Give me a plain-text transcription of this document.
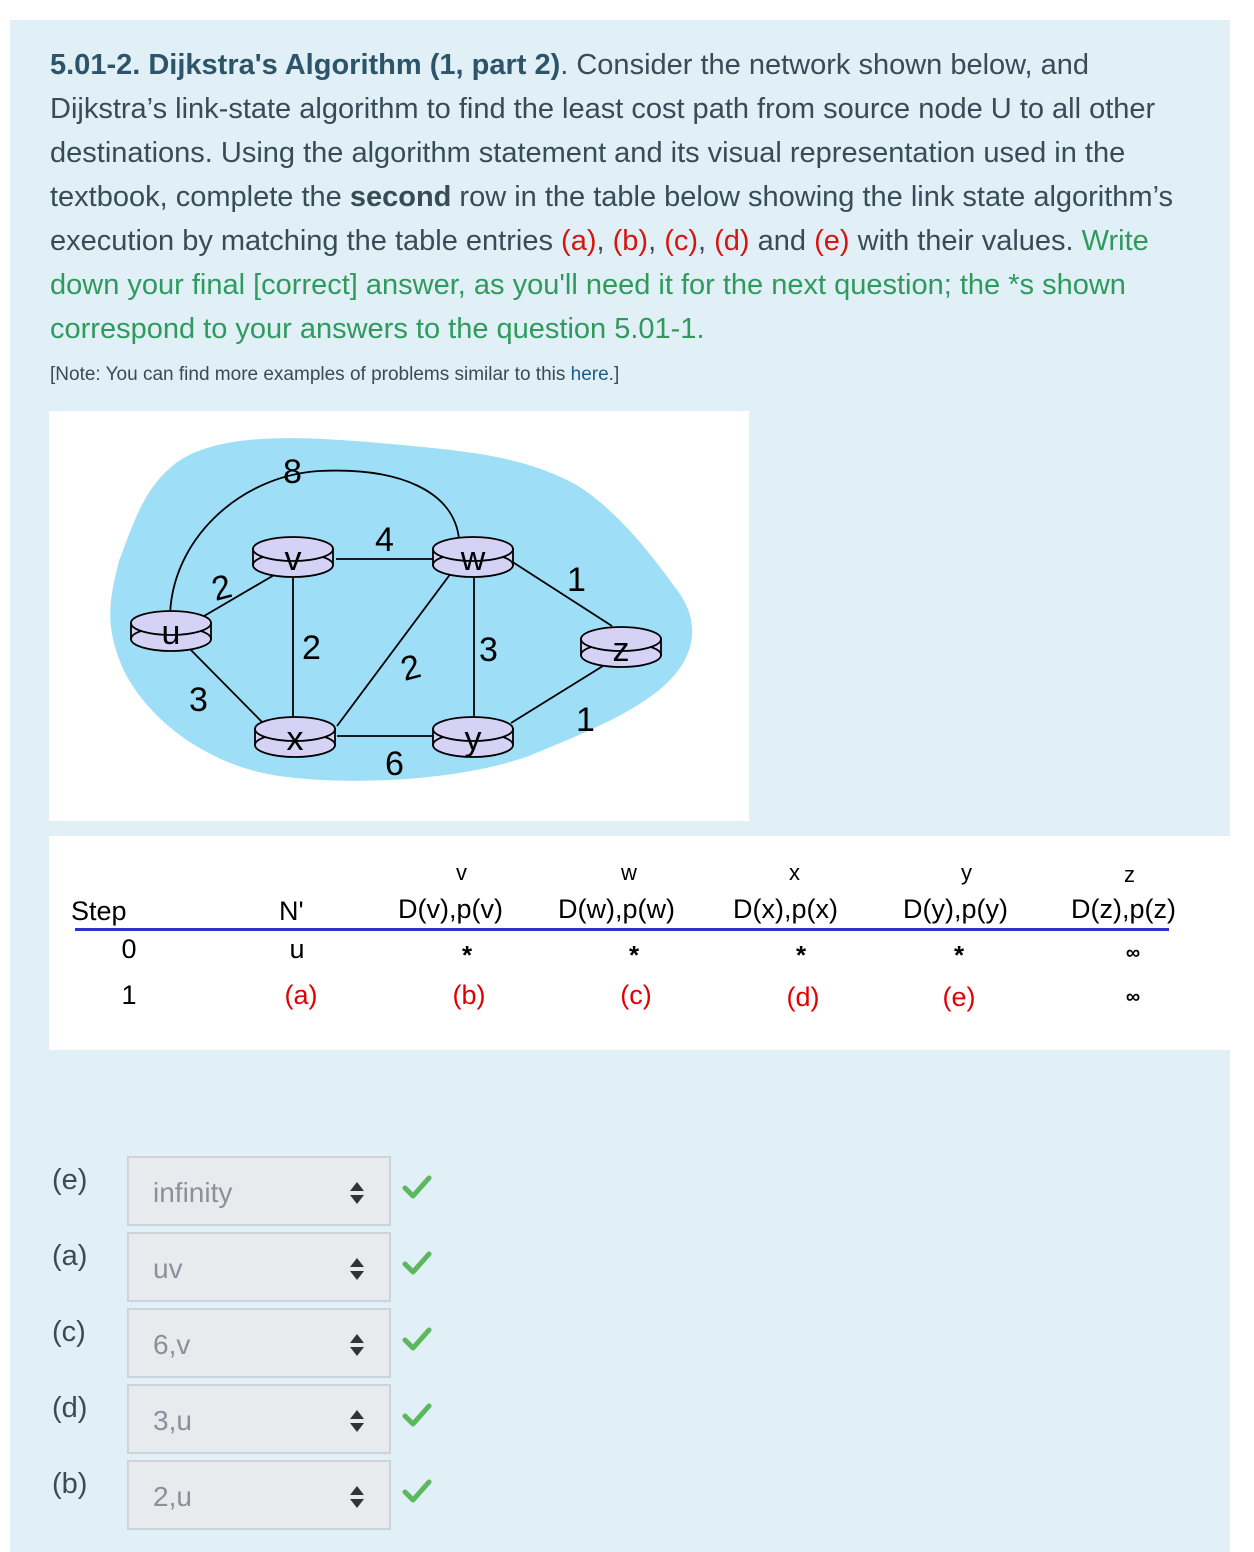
5.01-2. Dijkstra's Algorithm (1, part 2). Consider the network shown below, and Dijkstra’s link-state algorithm to find the least cost path from source node U to all other destinations. Using the algorithm statement and its visual representation used in the textbook, complete the second row in the table below showing the link state algorithm’s execution by matching the table entries (a), (b), (c), (d) and (e) with their values. Write down your final [correct] answer, as you'll need it for the next question; the *s shown correspond to your answers to the question 5.01-1.
[Note: You can find more examples of problems similar to this here.]
8
4
2	1
2 2 3
3
6
1
u
v	w
z
x	y
Step	N'
v
D(v),p(v)
w
D(w),p(w)
x
D(x),p(x)
y
D(y),p(y)
z
D(z),p(z)
0	u	*	*	*	*	∞
1	(a)	(b)	(c)	(d)	(e)	∞
(e) infinity
(a) uv
(c) 6,v
(d) 3,u
(b) 2,u
